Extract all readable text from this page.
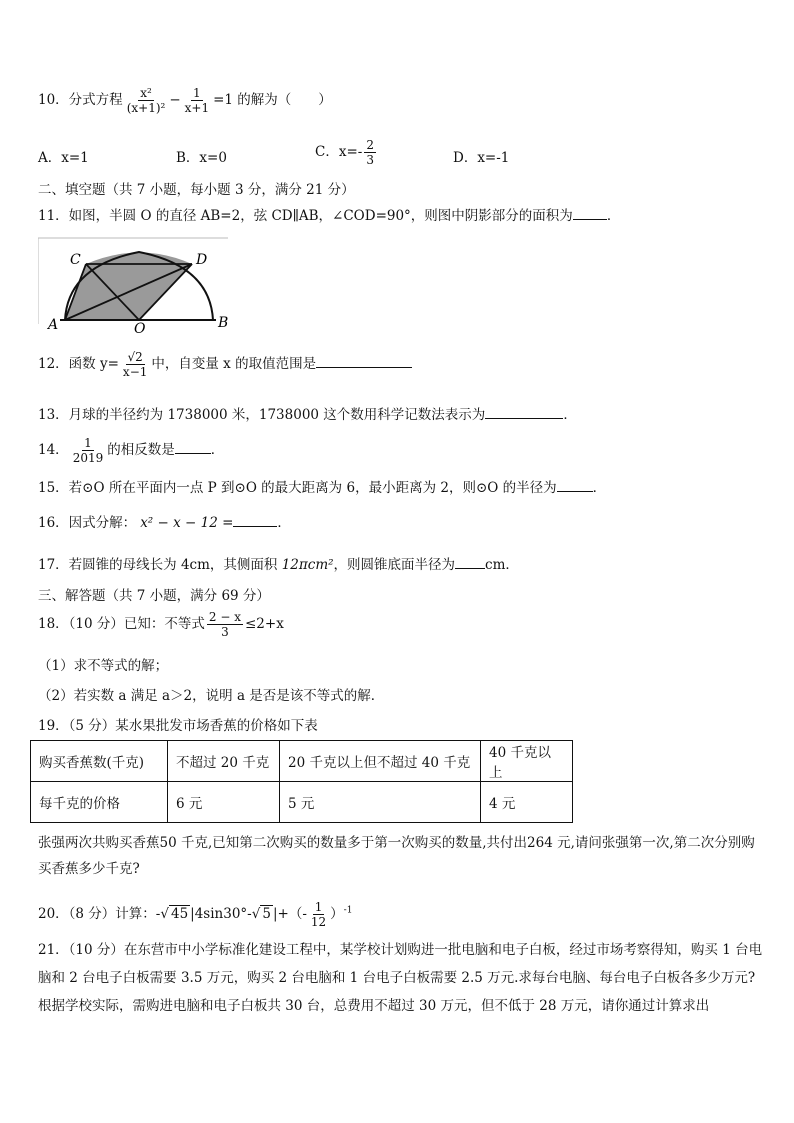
10．分式方程 $\frac{\text{x²}}{\text{(x+1)²}} - \frac{1}{x+1} =1$ 的解为（　　）
A．x=1	B．x=0	C．$x=- \frac{2}{3}$	D．x=-1
二、填空题（共 7 小题，每小题 3 分，满分 21 分）
11．如图，半圆 O 的直径 AB=2，弦 CD∥AB，∠COD=90°，则图中阴影部分的面积为	．
C	D
A	O	B
12．函数 $y= \frac{√2}{x-1}$ 中，自变量 x 的取值范围是
13．月球的半径约为 1738000 米，1738000 这个数用科学记数法表示为	．
14． $\frac{1}{2019}$ 的相反数是	．
15．若⊙O 所在平面内一点 P 到⊙O 的最大距离为 6，最小距离为 2，则⊙O 的半径为	．
16．因式分解： x² − x − 12 =	．
17．若圆锥的母线长为 4cm，其侧面积 12πcm²，则圆锥底面半径为 cm．
三、解答题（共 7 小题，满分 69 分）
18．（10 分）已知：不等式 $\frac{2 - x}{3} \le 2+x$
（1）求不等式的解；
（2）若实数 a 满足 a＞2，说明 a 是否是该不等式的解．
19．（5 分）某水果批发市场香蕉的价格如下表
购买香蕉数(千克)	不超过 20 千克	20 千克以上但不超过 40 千克	40 千克以上
每千克的价格	6 元	5 元	4 元
张强两次共购买香蕉50 千克,已知第二次购买的数量多于第一次购买的数量,共付出264 元,请问张强第一次,第二次分别购买香蕉多少千克?
20．（8 分）计算：-√ 45 |4sin30°-√ 5 |+（- $\frac{1}{12} )^{-1}$
21．（10 分）在东营市中小学标准化建设工程中，某学校计划购进一批电脑和电子白板，经过市场考察得知，购买 1 台电脑和 2 台电子白板需要 3.5 万元，购买 2 台电脑和 1 台电子白板需要 2.5 万元.求每台电脑、每台电子白板各多少万元?根据学校实际，需购进电脑和电子白板共 30 台，总费用不超过 30 万元，但不低于 28 万元，请你通过计算求出
